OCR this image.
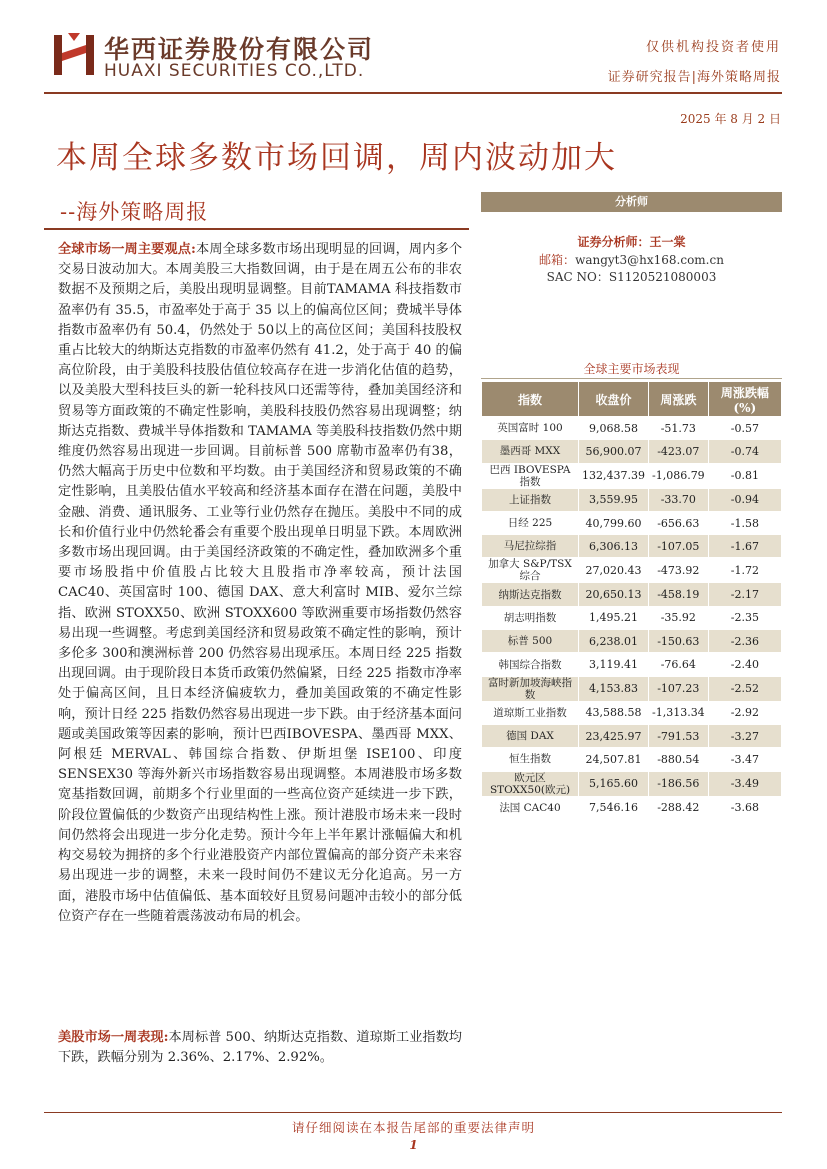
华西证券股份有限公司
HUAXI SECURITIES CO.,LTD.
仅供机构投资者使用
证券研究报告|海外策略周报
2025 年 8 月 2 日
本周全球多数市场回调，周内波动加大
--海外策略周报
全球市场一周主要观点:本周全球多数市场出现明显的回调，周内多个交易日波动加大。本周美股三大指数回调，由于是在周五公布的非农数据不及预期之后，美股出现明显调整。目前TAMAMA 科技指数市盈率仍有 35.5，市盈率处于高于 35 以上的偏高位区间；费城半导体指数市盈率仍有 50.4，仍然处于 50以上的高位区间；美国科技股权重占比较大的纳斯达克指数的市盈率仍然有 41.2，处于高于 40 的偏高位阶段，由于美股科技股估值位较高存在进一步消化估值的趋势，以及美股大型科技巨头的新一轮科技风口还需等待，叠加美国经济和贸易等方面政策的不确定性影响，美股科技股仍然容易出现调整；纳斯达克指数、费城半导体指数和 TAMAMA 等美股科技指数仍然中期维度仍然容易出现进一步回调。目前标普 500 席勒市盈率仍有38，仍然大幅高于历史中位数和平均数。由于美国经济和贸易政策的不确定性影响，且美股估值水平较高和经济基本面存在潜在问题，美股中金融、消费、通讯服务、工业等行业仍然存在抛压。美股中不同的成长和价值行业中仍然轮番会有重要个股出现单日明显下跌。本周欧洲多数市场出现回调。由于美国经济政策的不确定性，叠加欧洲多个重要市场股指中价值股占比较大且股指市净率较高，预计法国 CAC40、英国富时 100、德国 DAX、意大利富时 MIB、爱尔兰综指、欧洲 STOXX50、欧洲 STOXX600 等欧洲重要市场指数仍然容易出现一些调整。考虑到美国经济和贸易政策不确定性的影响，预计多伦多 300和澳洲标普 200 仍然容易出现承压。本周日经 225 指数出现回调。由于现阶段日本货币政策仍然偏紧，日经 225 指数市净率处于偏高区间，且日本经济偏疲软力，叠加美国政策的不确定性影响，预计日经 225 指数仍然容易出现进一步下跌。由于经济基本面问题或美国政策等因素的影响，预计巴西IBOVESPA、墨西哥 MXX、阿根廷 MERVAL、韩国综合指数、伊斯坦堡 ISE100、印度 SENSEX30 等海外新兴市场指数容易出现调整。本周港股市场多数宽基指数回调，前期多个行业里面的一些高位资产延续进一步下跌，阶段位置偏低的少数资产出现结构性上涨。预计港股市场未来一段时间仍然将会出现进一步分化走势。预计今年上半年累计涨幅偏大和机构交易较为拥挤的多个行业港股资产内部位置偏高的部分资产未来容易出现进一步的调整，未来一段时间仍不建议无分化追高。另一方面，港股市场中估值偏低、基本面较好且贸易问题冲击较小的部分低位资产存在一些随着震荡波动布局的机会。
美股市场一周表现:本周标普 500、纳斯达克指数、道琼斯工业指数均下跌，跌幅分别为 2.36%、2.17%、2.92%。
分析师
证券分析师：王一棠
邮箱：wangyt3@hx168.com.cn
SAC NO：S1120521080003
全球主要市场表现
指数	收盘价	周涨跌	周涨跌幅(%)
英国富时 100	9,068.58	-51.73	-0.57
墨西哥 MXX	56,900.07	-423.07	-0.74
巴西 IBOVESPA 指数	132,437.39	-1,086.79	-0.81
上证指数	3,559.95	-33.70	-0.94
日经 225	40,799.60	-656.63	-1.58
马尼拉综指	6,306.13	-107.05	-1.67
加拿大 S&P/TSX 综合	27,020.43	-473.92	-1.72
纳斯达克指数	20,650.13	-458.19	-2.17
胡志明指数	1,495.21	-35.92	-2.35
标普 500	6,238.01	-150.63	-2.36
韩国综合指数	3,119.41	-76.64	-2.40
富时新加坡海峡指数	4,153.83	-107.23	-2.52
道琼斯工业指数	43,588.58	-1,313.34	-2.92
德国 DAX	23,425.97	-791.53	-3.27
恒生指数	24,507.81	-880.54	-3.47
欧元区 STOXX50(欧元)	5,165.60	-186.56	-3.49
法国 CAC40	7,546.16	-288.42	-3.68
请仔细阅读在本报告尾部的重要法律声明
1
